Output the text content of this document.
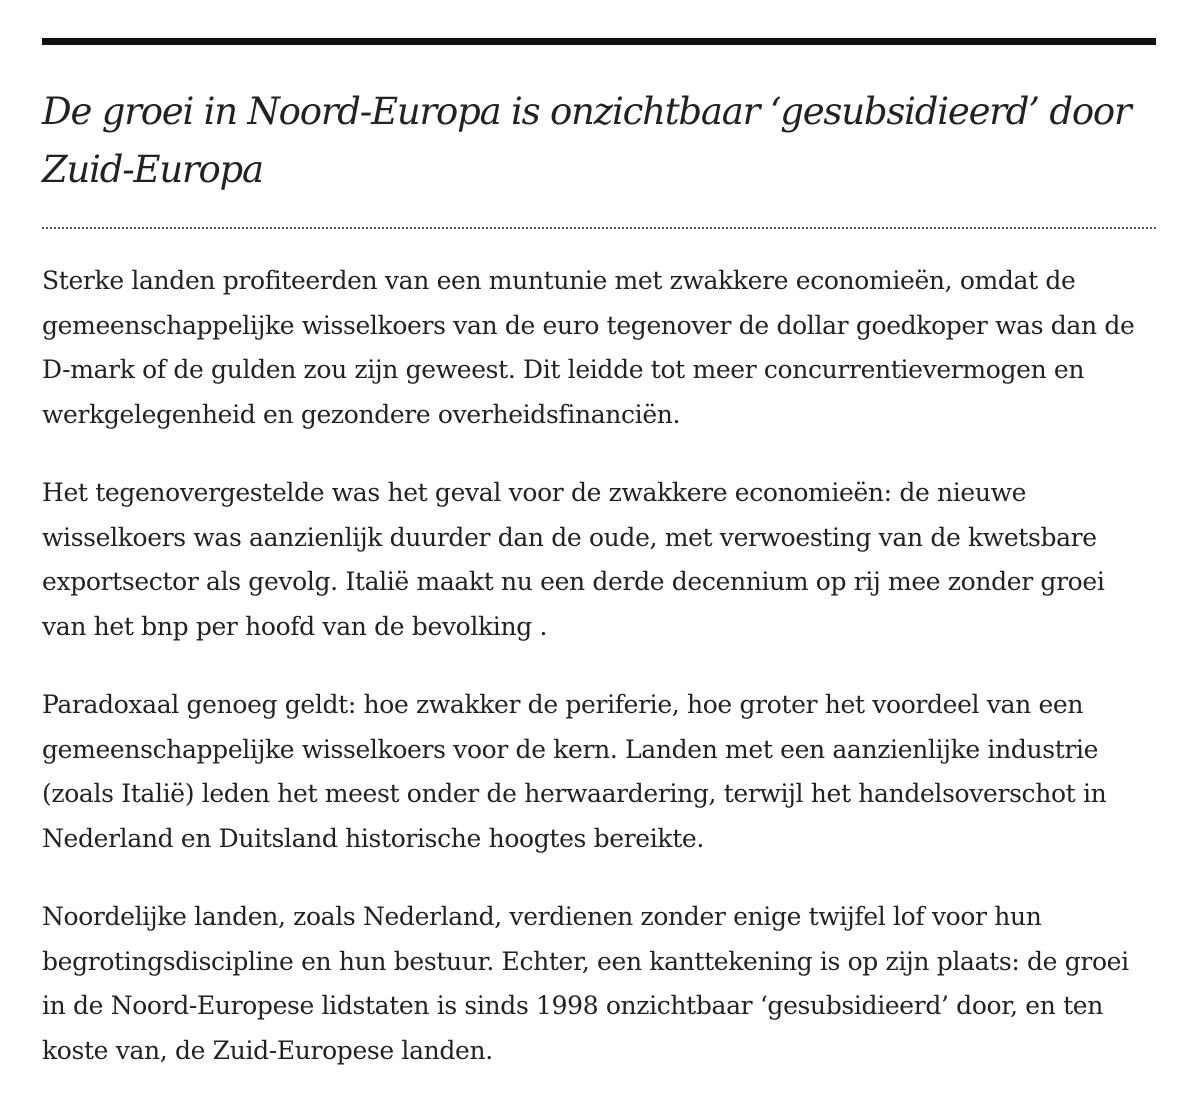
De groei in Noord-Europa is onzichtbaar ‘gesubsidieerd’ door Zuid-Europa

Sterke landen profiteerden van een muntunie met zwakkere economieën, omdat de gemeenschappelijke wisselkoers van de euro tegenover de dollar goedkoper was dan de D-mark of de gulden zou zijn geweest. Dit leidde tot meer concurrentievermogen en werkgelegenheid en gezondere overheidsfinanciën.

Het tegenovergestelde was het geval voor de zwakkere economieën: de nieuwe wisselkoers was aanzienlijk duurder dan de oude, met verwoesting van de kwetsbare exportsector als gevolg. Italië maakt nu een derde decennium op rij mee zonder groei van het bnp per hoofd van de bevolking .

Paradoxaal genoeg geldt: hoe zwakker de periferie, hoe groter het voordeel van een gemeenschappelijke wisselkoers voor de kern. Landen met een aanzienlijke industrie (zoals Italië) leden het meest onder de herwaardering, terwijl het handelsoverschot in Nederland en Duitsland historische hoogtes bereikte.

Noordelijke landen, zoals Nederland, verdienen zonder enige twijfel lof voor hun begrotingsdiscipline en hun bestuur. Echter, een kanttekening is op zijn plaats: de groei in de Noord-Europese lidstaten is sinds 1998 onzichtbaar ‘gesubsidieerd’ door, en ten koste van, de Zuid-Europese landen.
